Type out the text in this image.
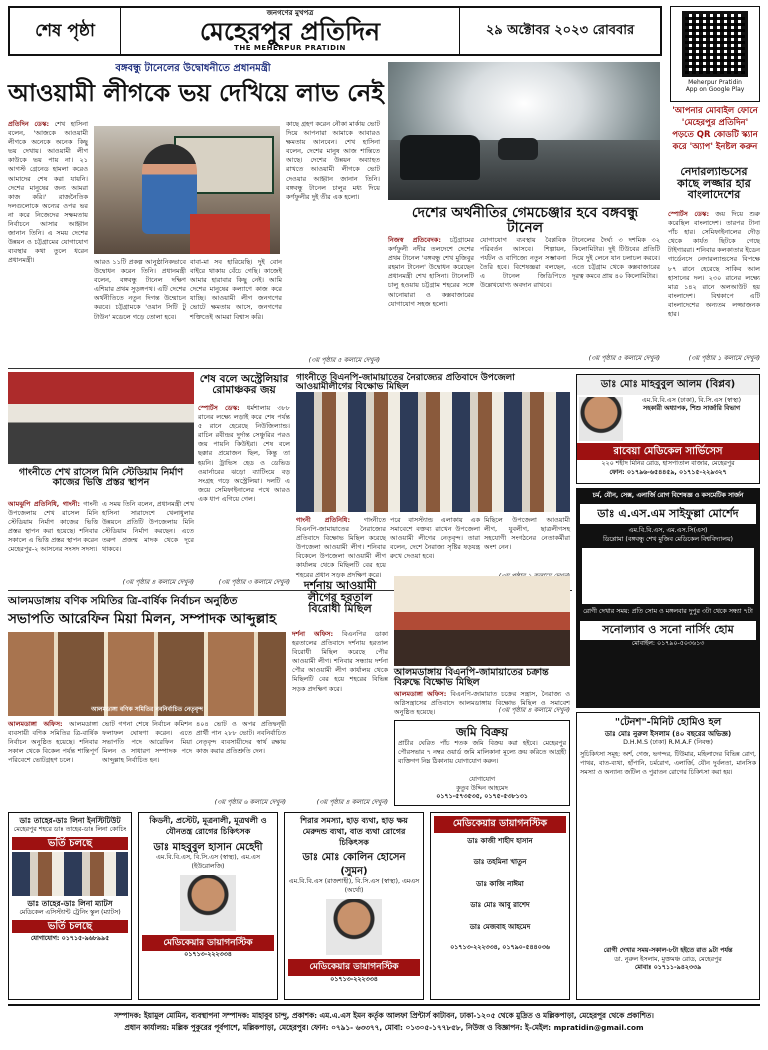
শেষ পৃষ্ঠা
জনগণের মুখপত্র
মেহেরপুর প্রতিদিন
THE MEHERPUR PRATIDIN
২৯ অক্টোবর ২০২৩ রোববার
Meherpur Pratidin
App on Google Play
'আপনার মোবাইল ফোনে 'মেহেরপুর প্রতিদিন' পড়তে QR কোডটি স্ক্যান করে 'অ্যাপ' ইনষ্টল করুন
বঙ্গবন্ধু টানেলের উদ্বোধনীতে প্রধানমন্ত্রী
আওয়ামী লীগকে ভয় দেখিয়ে লাভ নেই
প্রতিদিন ডেস্ক: শেখ হাসিনা বলেন, 'আজকে আওয়ামী লীগকে অনেকে অনেক কিছু ভয় দেখায়। আওয়ামী লীগ কাউকে ভয় পায় না। ২১ আগস্ট গ্রেনেড হামলা করেও আমাদের শেষ করা যায়নি। দেশের মানুষের জন্য আমরা কাজ করি।' রাজনৈতিক দলগুলোকে অন্যের ওপর ভর না করে নিজেদের সক্ষমতায় নির্বাচনে আসার আহ্বান জানান তিনি। এ সময় দেশের উন্নয়ন ও চট্টগ্রামের যোগাযোগ ব্যবস্থার কথা তুলে ধরেন প্রধানমন্ত্রী।	আরও ১১টি প্রকল্প আনুষ্ঠানিকভাবে উদ্বোধন করেন তিনি। প্রধানমন্ত্রী বলেন, বঙ্গবন্ধু টানেল দক্ষিণ এশিয়ার প্রথম সুড়ঙ্গপথ। এটি দেশের অর্থনীতিতে নতুন দিগন্ত উন্মোচন করবে। চট্টগ্রামকে 'ওয়ান সিটি টু টাউন' মডেলে গড়ে তোলা হবে।
বাবা-মা সব হারিয়েছি। দুই বোন বাইরে থাকায় বেঁচে গেছি। কাজেই আমার হারাবার কিছু নেই। আমি দেশের মানুষের কল্যাণে কাজ করে যাচ্ছি। আওয়ামী লীগ জনগণের ভোটে ক্ষমতায় আসে, জনগণের শক্তিতেই আমরা বিশ্বাস করি।
কাছে গ্রহণ করেন নৌকা মার্কায় ভোট দিয়ে আপনারা আমাকে আবারও ক্ষমতায় আনবেন। শেখ হাসিনা বলেন, দেশের মানুষ আজ শান্তিতে আছে। দেশের উন্নয়ন অব্যাহত রাখতে আওয়ামী লীগকে ভোট দেওয়ার আহ্বান জানান তিনি। বঙ্গবন্ধু টানেল চালুর মধ্য দিয়ে কর্ণফুলীর দুই তীর এক হলো।
(৩য় পৃষ্ঠার ৫ কলামে দেখুন)
দেশের অর্থনীতির গেমচেঞ্জার হবে বঙ্গবন্ধু টানেল
নিজস্ব প্রতিবেদক: চট্টগ্রামের কর্ণফুলী নদীর তলদেশে দেশের প্রথম টানেল 'বঙ্গবন্ধু শেখ মুজিবুর রহমান টানেল' উদ্বোধন করেছেন প্রধানমন্ত্রী শেখ হাসিনা। টানেলটি চালু হওয়ায় চট্টগ্রাম শহরের সঙ্গে আনোয়ারা ও কক্সবাজারের যোগাযোগ সহজ হলো।
যোগাযোগ ব্যবস্থায় বৈপ্লবিক পরিবর্তন আসবে। শিল্পায়ন, পর্যটন ও বাণিজ্যে নতুন সম্ভাবনা তৈরি হবে। বিশেষজ্ঞরা বলছেন, এ টানেল জিডিপিতে উল্লেখযোগ্য অবদান রাখবে।
টানেলের দৈর্ঘ্য ৩ দশমিক ৩২ কিলোমিটার। দুই টিউবের প্রতিটি দিয়ে দুই লেনে যান চলাচল করবে। এতে চট্টগ্রাম থেকে কক্সবাজারের দূরত্ব কমবে প্রায় ৪০ কিলোমিটার।
(৩য় পৃষ্ঠার ৫ কলামে দেখুন)
নেদারল্যান্ডসের কাছে লজ্জার হার বাংলাদেশের
স্পোর্টস ডেস্ক: জয় দিয়ে শুরু করেছিল বাংলাদেশ। তারপর টানা পাঁচ হার। সেমিফাইনালের দৌড় থেকে কার্যত ছিটকে গেছে টাইগাররা। শনিবার কলকাতার ইডেন গার্ডেনসে নেদারল্যান্ডসের বিপক্ষে ৮৭ রানে হেরেছে সাকিব আল হাসানের দল। ২৩০ রানের লক্ষ্যে মাত্র ১৪২ রানে অলআউট হয় বাংলাদেশ। বিশ্বকাপে এটি বাংলাদেশের অন্যতম লজ্জাজনক হার।
(৩য় পৃষ্ঠার ১ কলামে দেখুন)
গাংনীতে শেখ রাসেল মিনি স্টেডিয়াম নির্মাণ কাজের ভিত্তি প্রস্তর স্থাপন
আমঝুপি প্রতিনিধি, গাংনী: গাংনী উপজেলায় শেখ রাসেল মিনি স্টেডিয়াম নির্মাণ কাজের ভিত্তি প্রস্তর স্থাপন করা হয়েছে। শনিবার সকালে এ ভিত্তি প্রস্তর স্থাপন করেন মেহেরপুর-২ আসনের সংসদ সদস্য।
এ সময় তিনি বলেন, প্রধানমন্ত্রী শেখ হাসিনা সারাদেশে খেলাধুলার উন্নয়নে প্রতিটি উপজেলায় মিনি স্টেডিয়াম নির্মাণ করছেন। এতে তরুণ প্রজন্ম মাদক থেকে দূরে থাকবে।
(৩য় পৃষ্ঠার ৪ কলামে দেখুন)
শেষ বলে অস্ট্রেলিয়ার রোমাঞ্চকর জয়
স্পোর্টস ডেস্ক: ধর্মশালায় ৩৮৮ রানের লক্ষ্যে লড়াই করে শেষ পর্যন্ত ৫ রানে হেরেছে নিউজিল্যান্ড। রাচিন রবীন্দ্রর দুর্দান্ত সেঞ্চুরির পরও জয় পায়নি কিউইরা। শেষ বলে ছক্কার প্রয়োজন ছিল, কিন্তু তা হয়নি। ট্রাভিস হেড ও ডেভিড ওয়ার্নারের ঝড়ো ব্যাটিংয়ে বড় সংগ্রহ গড়ে অস্ট্রেলিয়া। দলটি এ জয়ে সেমিফাইনালের পথে আরও এক ধাপ এগিয়ে গেল।
(৩য় পৃষ্ঠার ৩ কলামে দেখুন)
গাংনীতে বিএনপি-জামায়াতের নৈরাজ্যের প্রতিবাদে উপজেলা আওয়ামীলীগের বিক্ষোভ মিছিল
গাংনী প্রতিনিধি: গাংনীতে বিএনপি-জামায়াতের নৈরাজ্যের প্রতিবাদে বিক্ষোভ মিছিল করেছে উপজেলা আওয়ামী লীগ। শনিবার বিকেলে উপজেলা আওয়ামী লীগ কার্যালয় থেকে মিছিলটি বের হয়ে শহরের প্রধান সড়ক প্রদক্ষিণ করে।
পরে বাসস্ট্যান্ড এলাকায় এক সমাবেশে বক্তব্য রাখেন উপজেলা আওয়ামী লীগের নেতৃবৃন্দ। তারা বলেন, দেশে নৈরাজ্য সৃষ্টির ষড়যন্ত্র রুখে দেওয়া হবে।
মিছিলে উপজেলা আওয়ামী লীগ, যুবলীগ, ছাত্রলীগসহ সহযোগী সংগঠনের নেতাকর্মীরা অংশ নেন।
ডাঃ মোঃ মাহবুবুল আলম (বিপ্লব)
এম.বি.বি.এস (ঢাকা), বি.সি.এস (স্বাস্থ্য)
সহকারী অধ্যাপক, শিশু সার্জারি বিভাগ
রাবেয়া মেডিকেল সার্ভিসেস
২২০ শহীদ মিনির রোড, হাসপাতাল বাজার, মেহেরপুর
ফোন: ০১৭৯৬-৬৫৪৪৫৯, ০১৭১৫-২২৯৩২৭
চর্ম, যৌন, সেক্স, এলার্জি রোগ বিশেষজ্ঞ ও কসমেটিক সার্জন
ডাঃ এ.এস.এম সাইফুল্লা মোর্শেদ
এম.বি.বি.এস, এম.এস.সি(এস)
ডিপ্লোমা (বঙ্গবন্ধু শেখ মুজিব মেডিকেল বিশ্ববিদ্যালয়)
রোগী দেখার সময়: প্রতি সোম ও মঙ্গলবার দুপুর ৩টা থেকে সন্ধ্যা ৭টা
সনোল্যাব ও সনো নার্সিং হোম
মোবাইল: ০১৭৯০-৫০৩৬১৩
আলমডাঙ্গায় বণিক সমিতির ত্রি-বার্ষিক নির্বাচন অনুষ্ঠিত
সভাপতি আরেফিন মিয়া মিলন, সম্পাদক আব্দুল্লাহ
আলমডাঙ্গা বণিক সমিতির নবনির্বাচিত নেতৃবৃন্দ
আলমডাঙ্গা অফিস: আলমডাঙ্গা ব্যবসায়ী বণিক সমিতির ত্রি-বার্ষিক নির্বাচন অনুষ্ঠিত হয়েছে। শনিবার সকাল থেকে বিকেল পর্যন্ত শান্তিপূর্ণ পরিবেশে ভোটগ্রহণ চলে।
ভোট গণনা শেষে নির্বাচন কমিশন ফলাফল ঘোষণা করেন। এতে সভাপতি পদে আরেফিন মিয়া মিলন ও সাধারণ সম্পাদক পদে আব্দুল্লাহ নির্বাচিত হন।
৪০৪ ভোট ও অপর প্রতিদ্বন্দ্বী প্রার্থী পান ২৮৮ ভোট। নবনির্বাচিত নেতৃবৃন্দ ব্যবসায়ীদের স্বার্থ রক্ষায় কাজ করার প্রতিশ্রুতি দেন।
(৩য় পৃষ্ঠার ৬ কলামে দেখুন)
দর্শনায় আওয়ামী লীগের হরতাল বিরোধী মিছিল
দর্শনা অফিস: বিএনপির ডাকা হরতালের প্রতিবাদে দর্শনায় হরতাল বিরোধী মিছিল করেছে পৌর আওয়ামী লীগ। শনিবার সন্ধ্যায় দর্শনা পৌর আওয়ামী লীগ কার্যালয় থেকে মিছিলটি বের হয়ে শহরের বিভিন্ন সড়ক প্রদক্ষিণ করে।
(৩য় পৃষ্ঠার ৪ কলামে দেখুন)
আলমডাঙ্গায় বিএনপি-জামায়াতের চক্রান্ত বিরুদ্ধে বিক্ষোভ মিছিল
আলমডাঙ্গা অফিস: বিএনপি-জামায়াত চক্রের সন্ত্রাস, নৈরাজ্য ও অগ্নিসন্ত্রাসের প্রতিবাদে আলমডাঙ্গায় বিক্ষোভ মিছিল ও সমাবেশ অনুষ্ঠিত হয়েছে।	(৩য় পৃষ্ঠার ৪ কলামে দেখুন)
জমি বিক্রয়
প্রাচীর ঘেরিত পাঁচ শতক জমি বিক্রয় করা হইবে। মেহেরপুর পৌরসভার ৭ নম্বর ওয়ার্ড জমি মালিকানা মূল্যে ক্রয় করিতে আগ্রহী ব্যক্তিগণ নিম্ন ঠিকানায় যোগাযোগ করুন।
যোগাযোগ
কুতুব উদ্দিন আহমেদ
০১৭১-৫৭৩৫৩৫, ০১৭৫-৫৩৮১৩১
"টেনশ"-মিনিট হোমিও হল
ডাঃ মোঃ নুরুল ইসলাম (৪০ বছরের অভিজ্ঞ)
D.H.M.S (ঢাকা) R.M.A.F (নিবন্ধ)
সুচিকিৎসা সমূহ: অর্শ, গেজ, ভগন্দর, টিউমার, মহিলাদের বিভিন্ন রোগ, পাথর, বাত-ব্যথা, হাঁপানি, চর্মরোগ, এলার্জি, যৌন দুর্বলতা, মানসিক সমস্যা ও অন্যান্য জটিল ও পুরাতন রোগের চিকিৎসা করা হয়।
রোগী দেখার সময়-সকাল-৮টা হইতে রাত ৯টা পর্যন্ত
ডা. নুরুল ইসলাম, মুক্তমঞ্চ রোড, মেহেরপুর
মোবাঃ ০১৭১১-৯৪২৩৩৯
ডাঃ তাহের-ডাঃ লিনা ইনস্টিটিউট
মেহেরপুর শহরে ডাঃ তাহের-ডাঃ লিনা কোচিং
ভর্তি চলছে
ডাঃ তাহের-ডাঃ লিনা ম্যাটস
মেডিকেল এসিস্ট্যান্ট ট্রেনিং স্কুল (ম্যাটস)
ভর্তি চলছে
যোগাযোগ: ০১৭১৫-৯৬৮৯৯৫
কিডনী, প্রস্টেট, মূত্রনালী, মূত্রথলী ও যৌনতন্ত্র রোগের চিকিৎসক
ডাঃ মাহবুবুল হাসান মেহেদী
এম.বি.বি.এস, বি.সি.এস (স্বাস্থ্য), এম.এস (ইউরোলজি)
মেডিকেয়ার ডায়াগনস্টিক
০১৭১৩-২২২৩৩৪
শিরার সমস্যা, হাড় ব্যথা, হাড় ক্ষয় মেরুদন্ড ব্যথা, বাত ব্যথা রোগের চিকিৎসক
ডাঃ মোঃ কোলিন হোসেন (সুমন)
এম.বি.বি.এস (রাজশাহী), বি.সি.এস (স্বাস্থ্য), এমএস (অর্থো)
মেডিকেয়ার ডায়াগনস্টিক
০১৭১৩-২২২৩৩৪
মেডিকেয়ার ডায়াগনস্টিক
ডাঃ কাজী শাহীদ হাসান
ডাঃ তহমিনা খাতুন
ডাঃ কাজি নাঈমা
ডাঃ মোঃ আবু রাশেদ
ডাঃ মেজবাহ আহমেদ
০১৭১৩-২২২৩৩৪, ০১৭৯০-৫৪৪০৩৬
সম্পাদক: ইয়ামুল মোমিন, ব্যবস্থাপনা সম্পাদক: মাহাবুব চান্দু, প্রকাশক: এম.এ.এস ইমন কর্তৃক আলফা প্রিন্টার্স কাটাবন, ঢাকা-১২০৫ থেকে মুদ্রিত ও মল্লিকপাড়া, মেহেরপুর থেকে প্রকাশিত।
প্রধান কার্যালয়: মল্লিক পুকুরের পূর্বপাশে, মল্লিকপাড়া, মেহেরপুর। ফোন: ০৭৯১- ৬৩৩৭৭, মোবা: ০১৩০৫-১৭৭৮৫৮, নিউজ ও বিজ্ঞাপন: ই-মেইল: mpratidin@gmail.com
